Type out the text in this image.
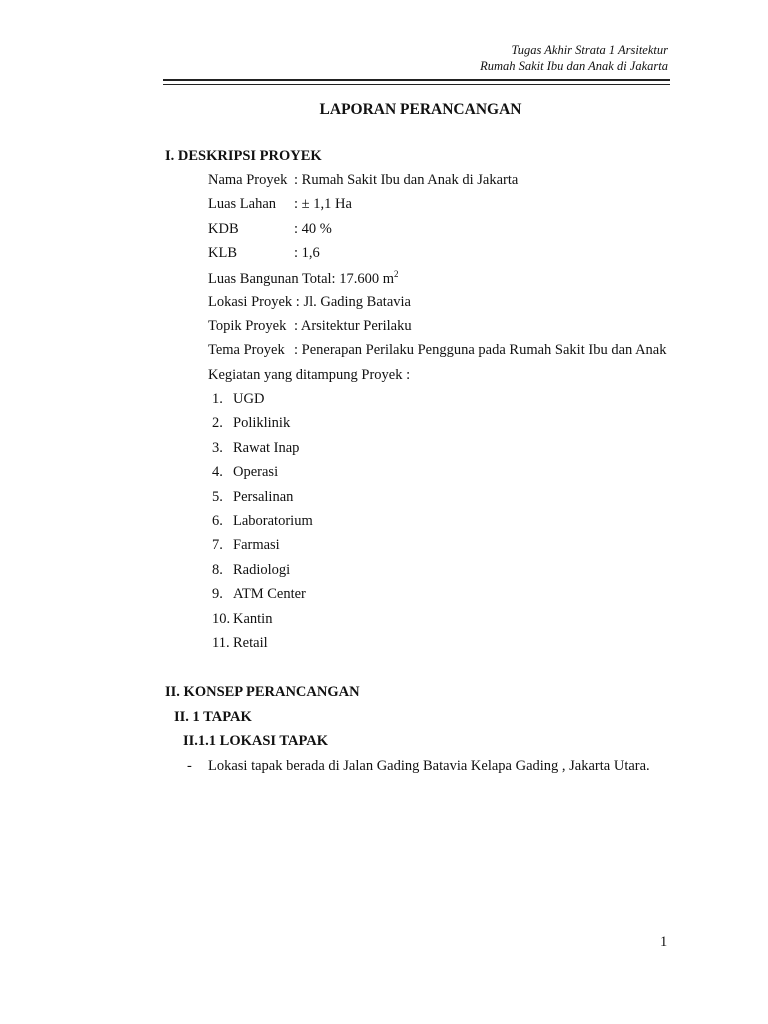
Tugas Akhir Strata 1 Arsitektur
Rumah Sakit Ibu dan Anak di Jakarta
LAPORAN PERANCANGAN
I. DESKRIPSI PROYEK
Nama Proyek : Rumah Sakit Ibu dan Anak di Jakarta
Luas Lahan : ± 1,1 Ha
KDB	: 40 %
KLB	: 1,6
Luas Bangunan Total: 17.600 $m^2$
Lokasi Proyek : Jl. Gading Batavia
Topik Proyek : Arsitektur Perilaku
Tema Proyek : Penerapan Perilaku Pengguna pada Rumah Sakit Ibu dan Anak
Kegiatan yang ditampung Proyek :
1. UGD
2. Poliklinik
3. Rawat Inap
4. Operasi
5. Persalinan
6. Laboratorium
7. Farmasi
8. Radiologi
9. ATM Center
10. Kantin
11. Retail
II. KONSEP PERANCANGAN
II. 1 TAPAK
II.1.1 LOKASI TAPAK
- Lokasi tapak berada di Jalan Gading Batavia Kelapa Gading , Jakarta Utara.
1
